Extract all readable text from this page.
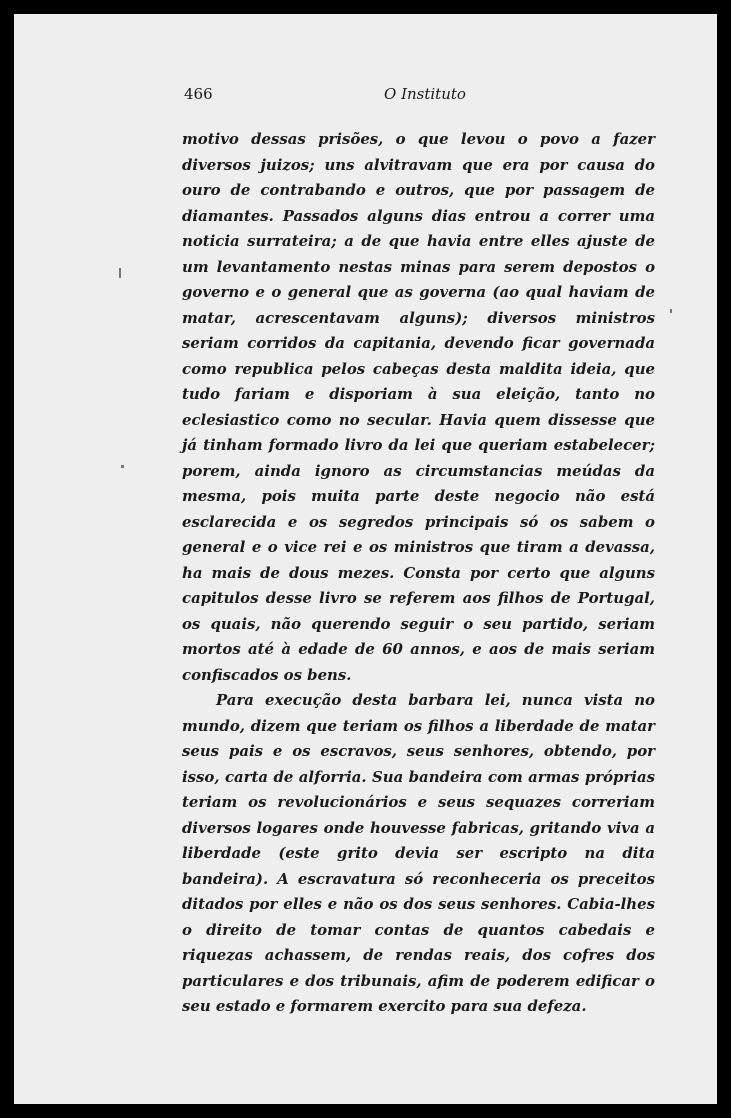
466	O Instituto

motivo dessas prisões, o que levou o povo a fazer diversos juizos; uns alvitravam que era por causa do ouro de contrabando e outros, que por passagem de diamantes. Passados alguns dias entrou a correr uma noticia surrateira; a de que havia entre elles ajuste de um levantamento nestas minas para serem depostos o governo e o general que as governa (ao qual haviam de matar, acrescentavam alguns); diversos ministros seriam corridos da capitania, devendo ficar governada como republica pelos cabeças desta maldita ideia, que tudo fariam e disporiam à sua eleição, tanto no eclesiastico como no secular. Havia quem dissesse que já tinham formado livro da lei que queriam estabelecer; porem, ainda ignoro as circumstancias meúdas da mesma, pois muita parte deste negocio não está esclarecida e os segredos principais só os sabem o general e o vice rei e os ministros que tiram a devassa, ha mais de dous mezes. Consta por certo que alguns capitulos desse livro se referem aos filhos de Portugal, os quais, não querendo seguir o seu partido, seriam mortos até à edade de 60 annos, e aos de mais seriam confiscados os bens.

Para execução desta barbara lei, nunca vista no mundo, dizem que teriam os filhos a liberdade de matar seus pais e os escravos, seus senhores, obtendo, por isso, carta de alforria. Sua bandeira com armas próprias teriam os revolucionários e seus sequazes correriam diversos logares onde houvesse fabricas, gritando viva a liberdade (este grito devia ser escripto na dita bandeira). A escravatura só reconheceria os preceitos ditados por elles e não os dos seus senhores. Cabia-lhes o direito de tomar contas de quantos cabedais e riquezas achassem, de rendas reais, dos cofres dos particulares e dos tribunais, afim de poderem edificar o seu estado e formarem exercito para sua defeza.
